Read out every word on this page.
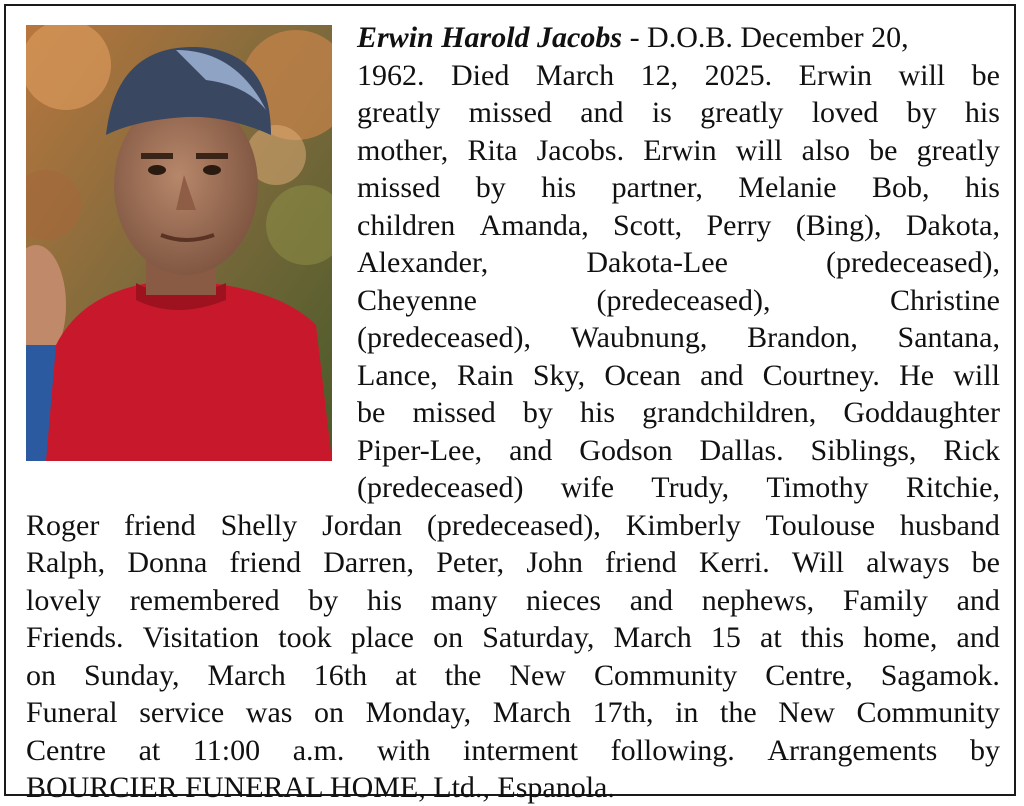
Erwin Harold Jacobs - D.O.B. December 20,
1962. Died March 12, 2025. Erwin will be
greatly missed and is greatly loved by his
mother, Rita Jacobs. Erwin will also be greatly
missed by his partner, Melanie Bob, his
children Amanda, Scott, Perry (Bing), Dakota,
Alexander,	Dakota-Lee	(predeceased),
Cheyenne	(predeceased),	Christine
(predeceased), Waubnung, Brandon, Santana,
Lance, Rain Sky, Ocean and Courtney. He will
be missed by his grandchildren, Goddaughter
Piper-Lee, and Godson Dallas. Siblings, Rick
(predeceased) wife Trudy, Timothy Ritchie,
Roger friend Shelly Jordan (predeceased), Kimberly Toulouse husband
Ralph, Donna friend Darren, Peter, John friend Kerri. Will always be
lovely remembered by his many nieces and nephews, Family and
Friends. Visitation took place on Saturday, March 15 at this home, and
on Sunday, March 16th at the New Community Centre, Sagamok.
Funeral service was on Monday, March 17th, in the New Community
Centre at 11:00 a.m. with interment following. Arrangements by
BOURCIER FUNERAL HOME, Ltd., Espanola.
